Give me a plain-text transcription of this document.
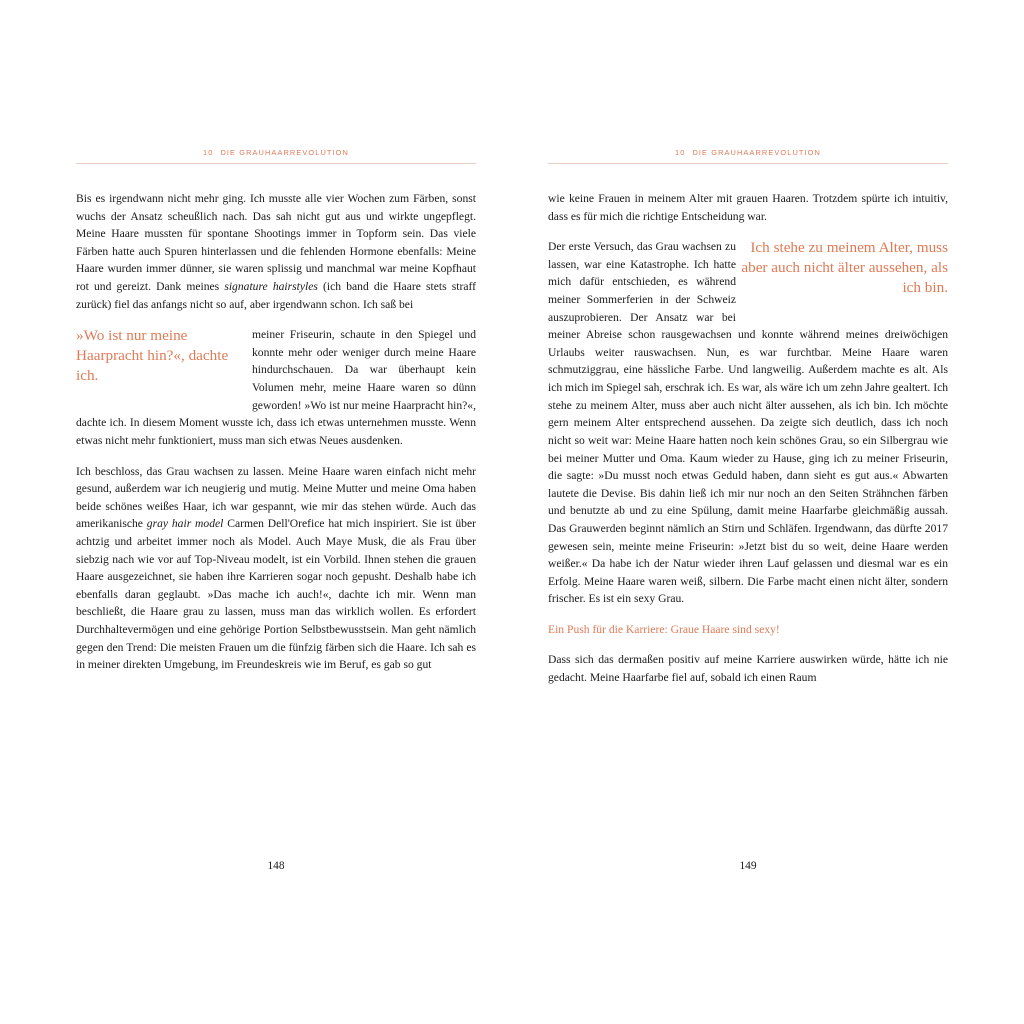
10 DIE GRAUHAARREVOLUTION

Bis es irgendwann nicht mehr ging. Ich musste alle vier Wochen zum Färben, sonst wuchs der Ansatz scheußlich nach. Das sah nicht gut aus und wirkte ungepflegt. Meine Haare mussten für spontane Shootings immer in Topform sein. Das viele Färben hatte auch Spuren hinterlassen und die fehlenden Hormone ebenfalls: Meine Haare wurden immer dünner, sie waren splissig und manchmal war meine Kopfhaut rot und gereizt. Dank meines signature hairstyles (ich band die Haare stets straff zurück) fiel das anfangs nicht so auf, aber irgendwann schon. Ich saß bei

»Wo ist nur meine Haarpracht hin?«, dachte ich.

meiner Friseurin, schaute in den Spiegel und konnte mehr oder weniger durch meine Haare hindurchschauen. Da war überhaupt kein Volumen mehr, meine Haare waren so dünn geworden! »Wo ist nur meine Haarpracht hin?«, dachte ich. In diesem Moment wusste ich, dass ich etwas unternehmen musste. Wenn etwas nicht mehr funktioniert, muss man sich etwas Neues ausdenken.

Ich beschloss, das Grau wachsen zu lassen. Meine Haare waren einfach nicht mehr gesund, außerdem war ich neugierig und mutig. Meine Mutter und meine Oma haben beide schönes weißes Haar, ich war gespannt, wie mir das stehen würde. Auch das amerikanische gray hair model Carmen Dell'Orefice hat mich inspiriert. Sie ist über achtzig und arbeitet immer noch als Model. Auch Maye Musk, die als Frau über siebzig nach wie vor auf Top-Niveau modelt, ist ein Vorbild. Ihnen stehen die grauen Haare ausgezeichnet, sie haben ihre Karrieren sogar noch gepusht. Deshalb habe ich ebenfalls daran geglaubt. »Das mache ich auch!«, dachte ich mir. Wenn man beschließt, die Haare grau zu lassen, muss man das wirklich wollen. Es erfordert Durchhaltevermögen und eine gehörige Portion Selbstbewusstsein. Man geht nämlich gegen den Trend: Die meisten Frauen um die fünfzig färben sich die Haare. Ich sah es in meiner direkten Umgebung, im Freundeskreis wie im Beruf, es gab so gut

148
10 DIE GRAUHAARREVOLUTION

wie keine Frauen in meinem Alter mit grauen Haaren. Trotzdem spürte ich intuitiv, dass es für mich die richtige Entscheidung war.

Ich stehe zu meinem Alter, muss aber auch nicht älter aussehen, als ich bin.

Der erste Versuch, das Grau wachsen zu lassen, war eine Katastrophe. Ich hatte mich dafür entschieden, es während meiner Sommerferien in der Schweiz auszuprobieren. Der Ansatz war bei meiner Abreise schon rausgewachsen und konnte während meines dreiwöchigen Urlaubs weiter rauswachsen. Nun, es war furchtbar. Meine Haare waren schmutziggrau, eine hässliche Farbe. Und langweilig. Außerdem machte es alt. Als ich mich im Spiegel sah, erschrak ich. Es war, als wäre ich um zehn Jahre gealtert. Ich stehe zu meinem Alter, muss aber auch nicht älter aussehen, als ich bin. Ich möchte gern meinem Alter entsprechend aussehen. Da zeigte sich deutlich, dass ich noch nicht so weit war: Meine Haare hatten noch kein schönes Grau, so ein Silbergrau wie bei meiner Mutter und Oma. Kaum wieder zu Hause, ging ich zu meiner Friseurin, die sagte: »Du musst noch etwas Geduld haben, dann sieht es gut aus.« Abwarten lautete die Devise. Bis dahin ließ ich mir nur noch an den Seiten Strähnchen färben und benutzte ab und zu eine Spülung, damit meine Haarfarbe gleichmäßig aussah. Das Grauwerden beginnt nämlich an Stirn und Schläfen. Irgendwann, das dürfte 2017 gewesen sein, meinte meine Friseurin: »Jetzt bist du so weit, deine Haare werden weißer.« Da habe ich der Natur wieder ihren Lauf gelassen und diesmal war es ein Erfolg. Meine Haare waren weiß, silbern. Die Farbe macht einen nicht älter, sondern frischer. Es ist ein sexy Grau.

Ein Push für die Karriere: Graue Haare sind sexy!

Dass sich das dermaßen positiv auf meine Karriere auswirken würde, hätte ich nie gedacht. Meine Haarfarbe fiel auf, sobald ich einen Raum

149
